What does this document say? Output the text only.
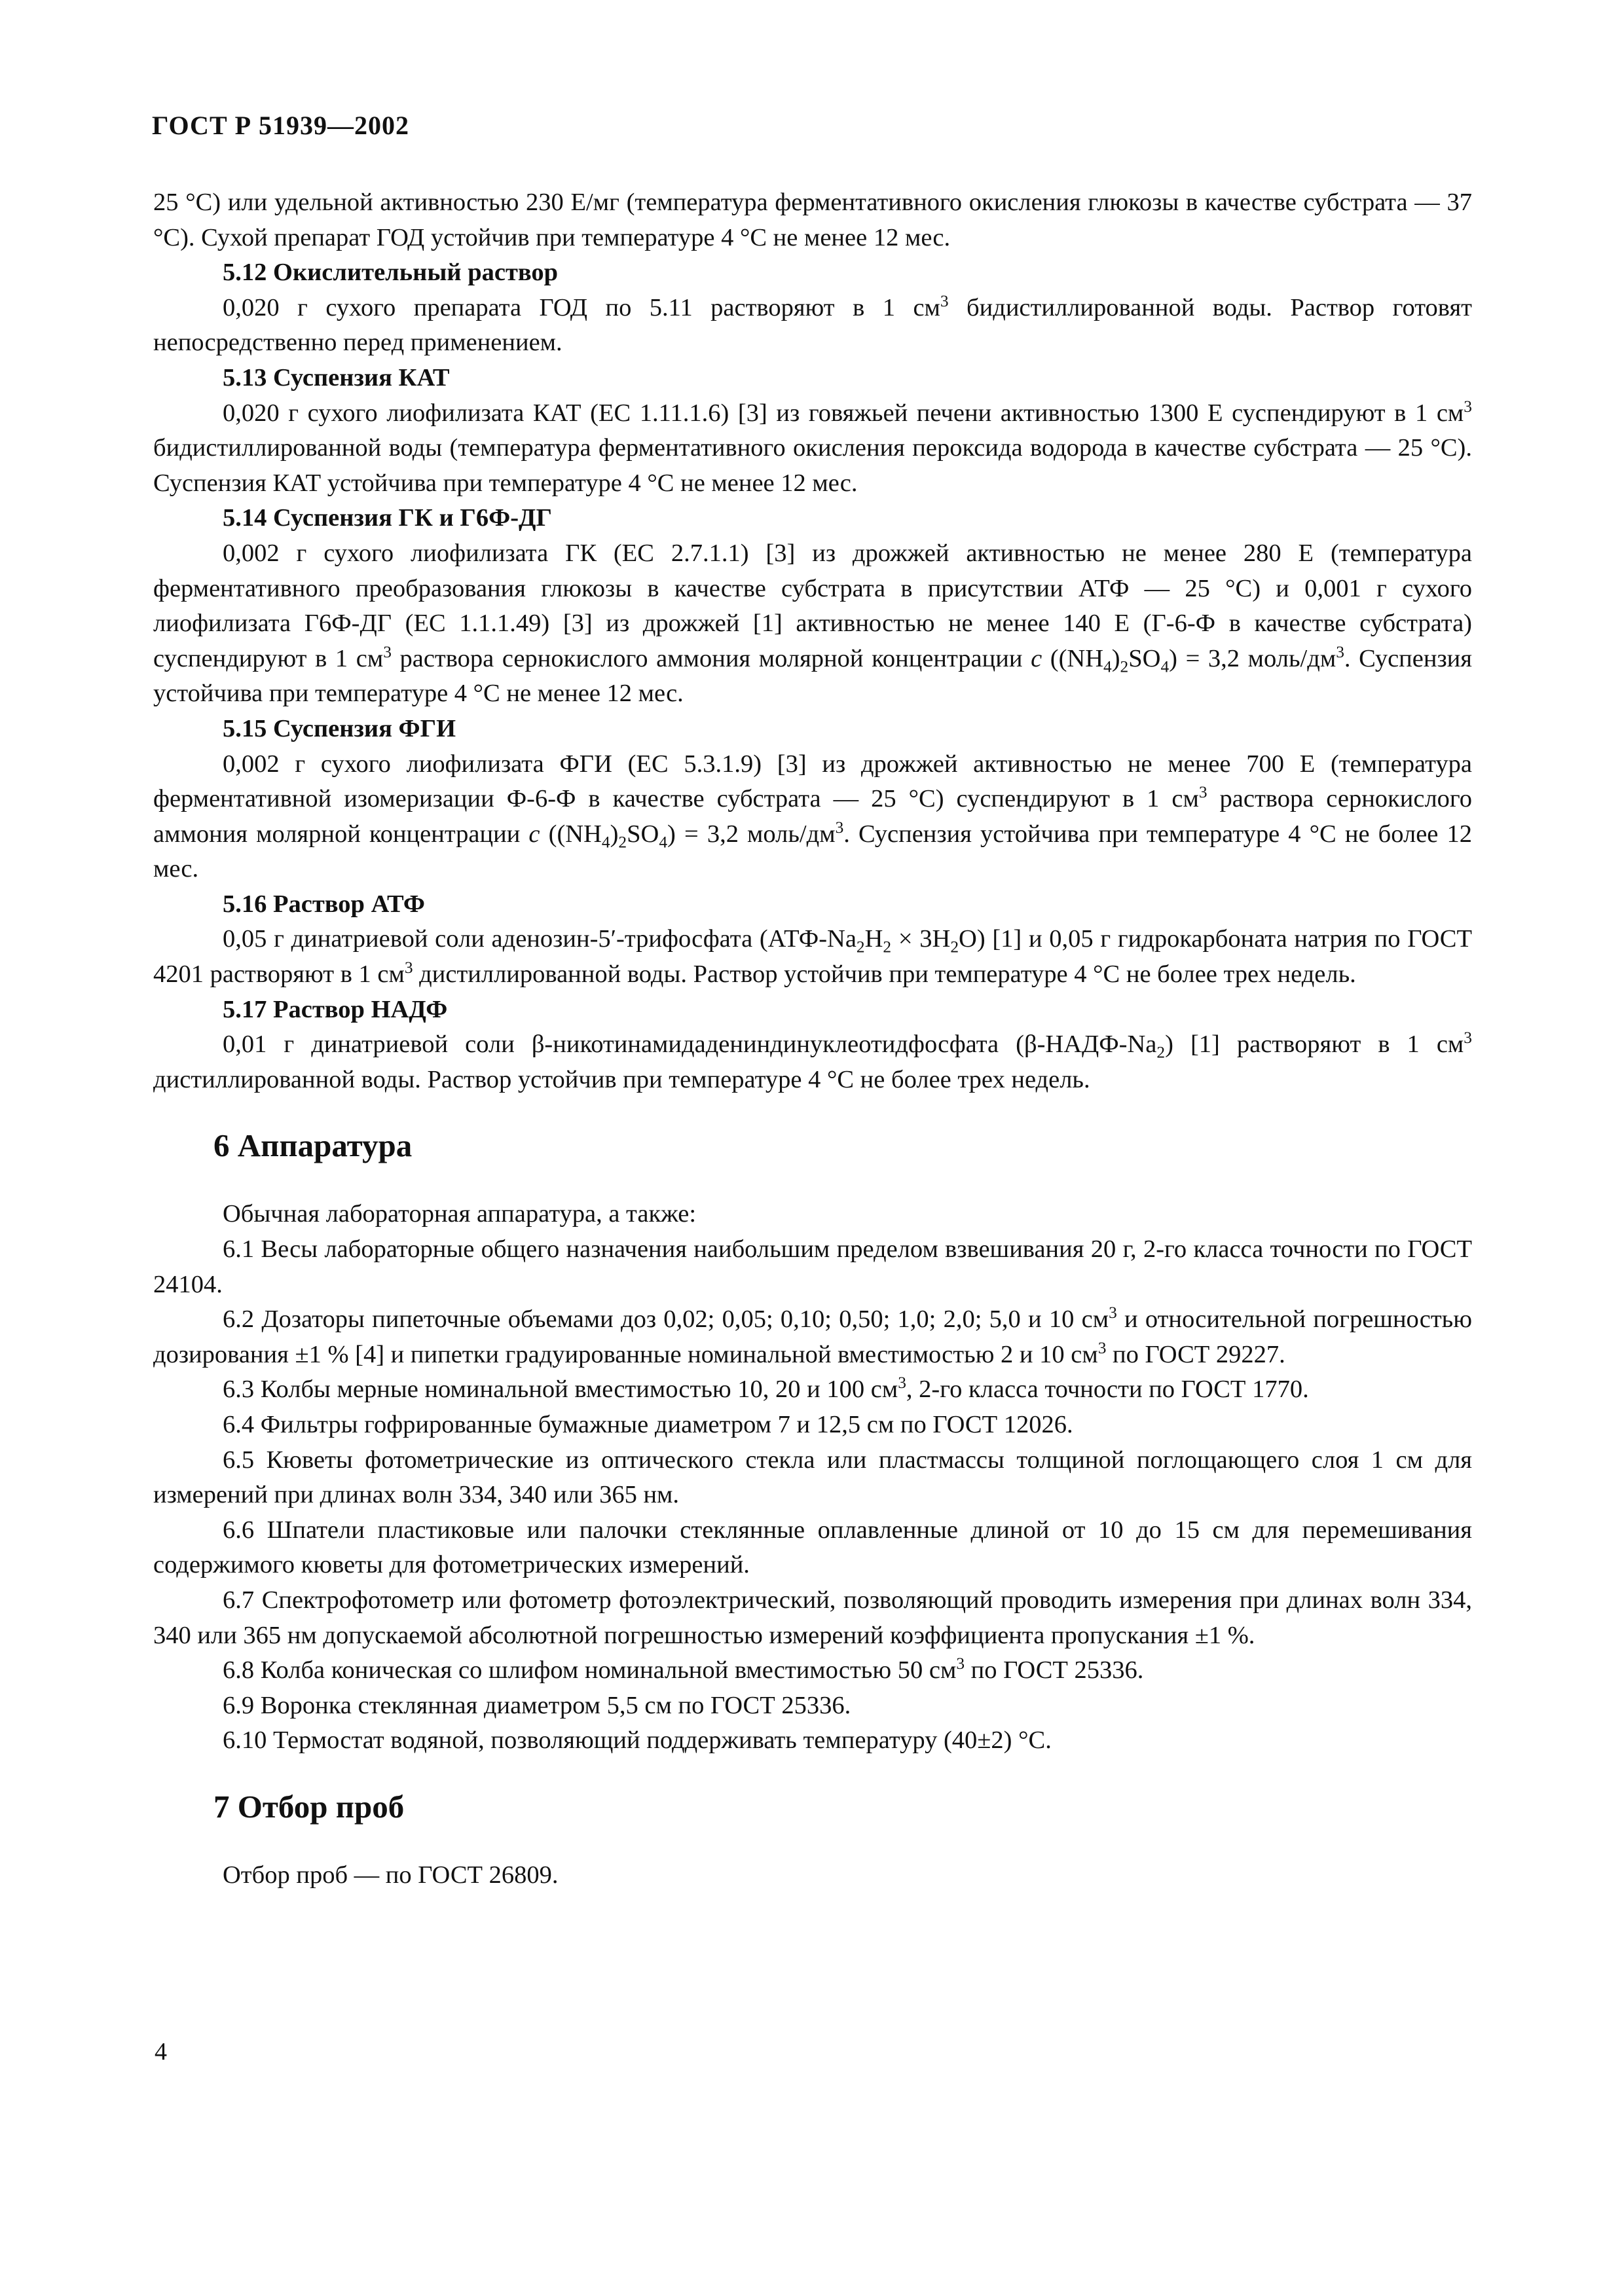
ГОСТ Р 51939—2002

25 °С) или удельной активностью 230 Е/мг (температура ферментативного окисления глюкозы в качестве субстрата — 37 °С). Сухой препарат ГОД устойчив при температуре 4 °С не менее 12 мес.

5.12 Окислительный раствор

0,020 г сухого препарата ГОД по 5.11 растворяют в 1 $см^3$ бидистиллированной воды. Раствор готовят непосредственно перед применением.

5.13 Суспензия КАТ

0,020 г сухого лиофилизата КАТ (ЕС 1.11.1.6) [3] из говяжьей печени активностью 1300 Е суспендируют в 1 $см^3$ бидистиллированной воды (температура ферментативного окисления пероксида водорода в качестве субстрата — 25 °С). Суспензия КАТ устойчива при температуре 4 °С не менее 12 мес.

5.14 Суспензия ГК и Г6Ф-ДГ

0,002 г сухого лиофилизата ГК (ЕС 2.7.1.1) [3] из дрожжей активностью не менее 280 Е (температура ферментативного преобразования глюкозы в качестве субстрата в присутствии АТФ — 25 °С) и 0,001 г сухого лиофилизата Г6Ф-ДГ (ЕС 1.1.1.49) [3] из дрожжей [1] активностью не менее 140 Е (Г-6-Ф в качестве субстрата) суспендируют в 1 $см^3$ раствора сернокислого аммония молярной концентрации с $((NH_4)_2SO_4) = 3,2$ моль/$дм^3$. Суспензия устойчива при температуре 4 °С не менее 12 мес.

5.15 Суспензия ФГИ

0,002 г сухого лиофилизата ФГИ (ЕС 5.3.1.9) [3] из дрожжей активностью не менее 700 Е (температура ферментативной изомеризации Ф-6-Ф в качестве субстрата — 25 °С) суспендируют в 1 $см^3$ раствора сернокислого аммония молярной концентрации с $((NH_4)_2SO_4) = 3,2$ моль/$дм^3$. Суспензия устойчива при температуре 4 °С не более 12 мес.

5.16 Раствор АТФ

0,05 г динатриевой соли аденозин-5′-трифосфата $(АТФ-Na_2H_2 \times 3H_2O)$ [1] и 0,05 г гидрокарбоната натрия по ГОСТ 4201 растворяют в 1 $см^3$ дистиллированной воды. Раствор устойчив при температуре 4 °С не более трех недель.

5.17 Раствор НАДФ

0,01 г динатриевой соли β-никотинамидадениндинуклеотидфосфата $(\beta-НАДФ-Na_2)$ [1] растворяют в 1 $см^3$ дистиллированной воды. Раствор устойчив при температуре 4 °С не более трех недель.

6 Аппаратура

Обычная лабораторная аппаратура, а также:

6.1 Весы лабораторные общего назначения наибольшим пределом взвешивания 20 г, 2-го класса точности по ГОСТ 24104.

6.2 Дозаторы пипеточные объемами доз 0,02; 0,05; 0,10; 0,50; 1,0; 2,0; 5,0 и 10 $см^3$ и относительной погрешностью дозирования ±1 % [4] и пипетки градуированные номинальной вместимостью 2 и 10 $см^3$ по ГОСТ 29227.

6.3 Колбы мерные номинальной вместимостью 10, 20 и 100 $см^3$, 2-го класса точности по ГОСТ 1770.

6.4 Фильтры гофрированные бумажные диаметром 7 и 12,5 см по ГОСТ 12026.

6.5 Кюветы фотометрические из оптического стекла или пластмассы толщиной поглощающего слоя 1 см для измерений при длинах волн 334, 340 или 365 нм.

6.6 Шпатели пластиковые или палочки стеклянные оплавленные длиной от 10 до 15 см для перемешивания содержимого кюветы для фотометрических измерений.

6.7 Спектрофотометр или фотометр фотоэлектрический, позволяющий проводить измерения при длинах волн 334, 340 или 365 нм допускаемой абсолютной погрешностью измерений коэффициента пропускания ±1 %.

6.8 Колба коническая со шлифом номинальной вместимостью 50 $см^3$ по ГОСТ 25336.

6.9 Воронка стеклянная диаметром 5,5 см по ГОСТ 25336.

6.10 Термостат водяной, позволяющий поддерживать температуру (40±2) °С.

7 Отбор проб

Отбор проб — по ГОСТ 26809.

4
